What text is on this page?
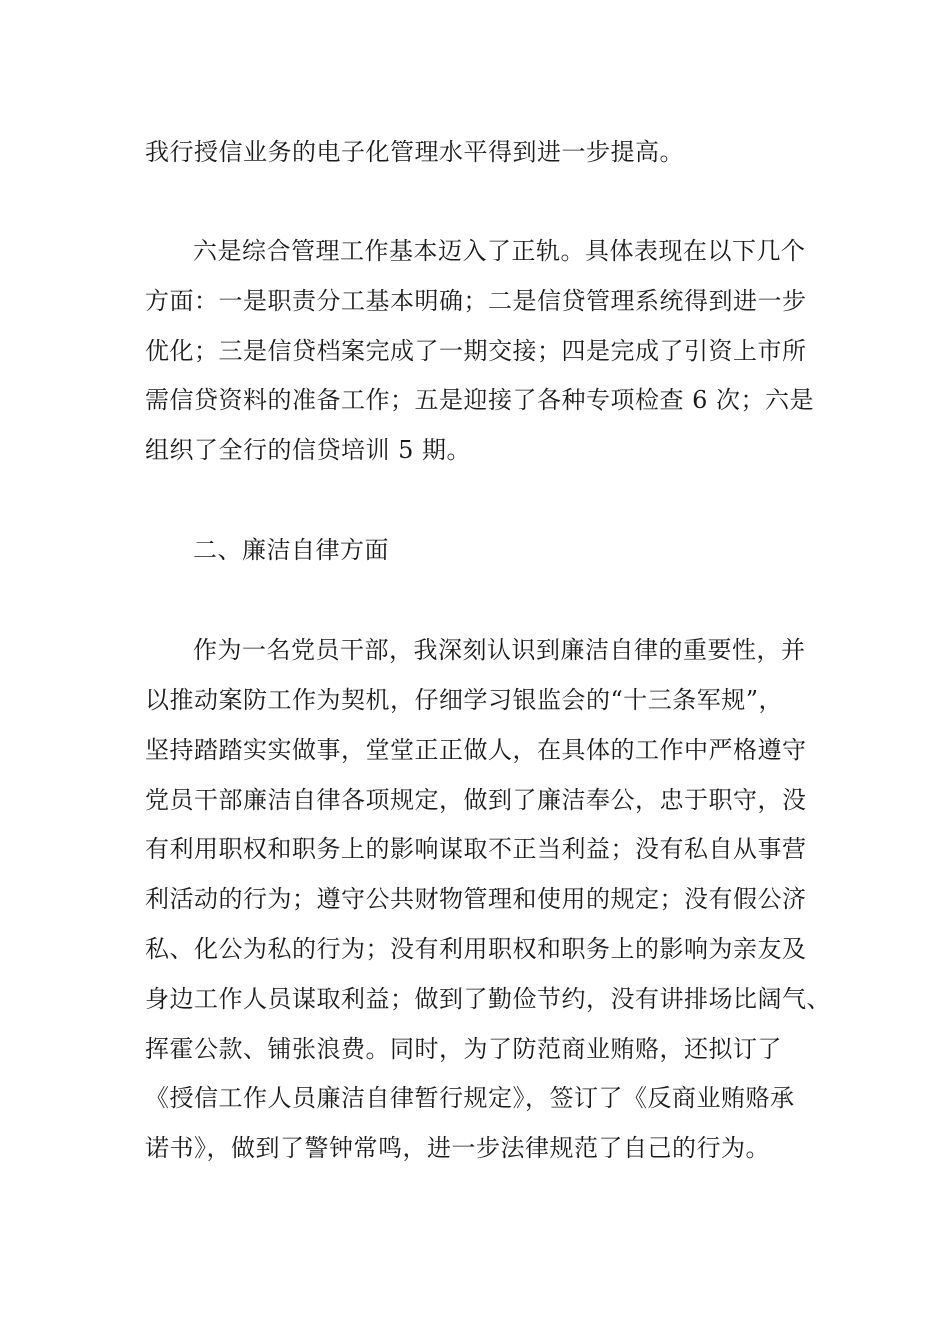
我行授信业务的电子化管理水平得到进一步提高。
六是综合管理工作基本迈入了正轨。具体表现在以下几个
方面：一是职责分工基本明确；二是信贷管理系统得到进一步
优化；三是信贷档案完成了一期交接；四是完成了引资上市所
需信贷资料的准备工作；五是迎接了各种专项检查 6 次；六是
组织了全行的信贷培训 5 期。
二、廉洁自律方面
作为一名党员干部，我深刻认识到廉洁自律的重要性，并
以推动案防工作为契机，仔细学习银监会的“十三条军规”，
坚持踏踏实实做事，堂堂正正做人，在具体的工作中严格遵守
党员干部廉洁自律各项规定，做到了廉洁奉公，忠于职守，没
有利用职权和职务上的影响谋取不正当利益；没有私自从事营
利活动的行为；遵守公共财物管理和使用的规定；没有假公济
私、化公为私的行为；没有利用职权和职务上的影响为亲友及
身边工作人员谋取利益；做到了勤俭节约，没有讲排场比阔气、
挥霍公款、铺张浪费。同时，为了防范商业贿赂，还拟订了
《授信工作人员廉洁自律暂行规定》，签订了《反商业贿赂承
诺书》，做到了警钟常鸣，进一步法律规范了自己的行为。
